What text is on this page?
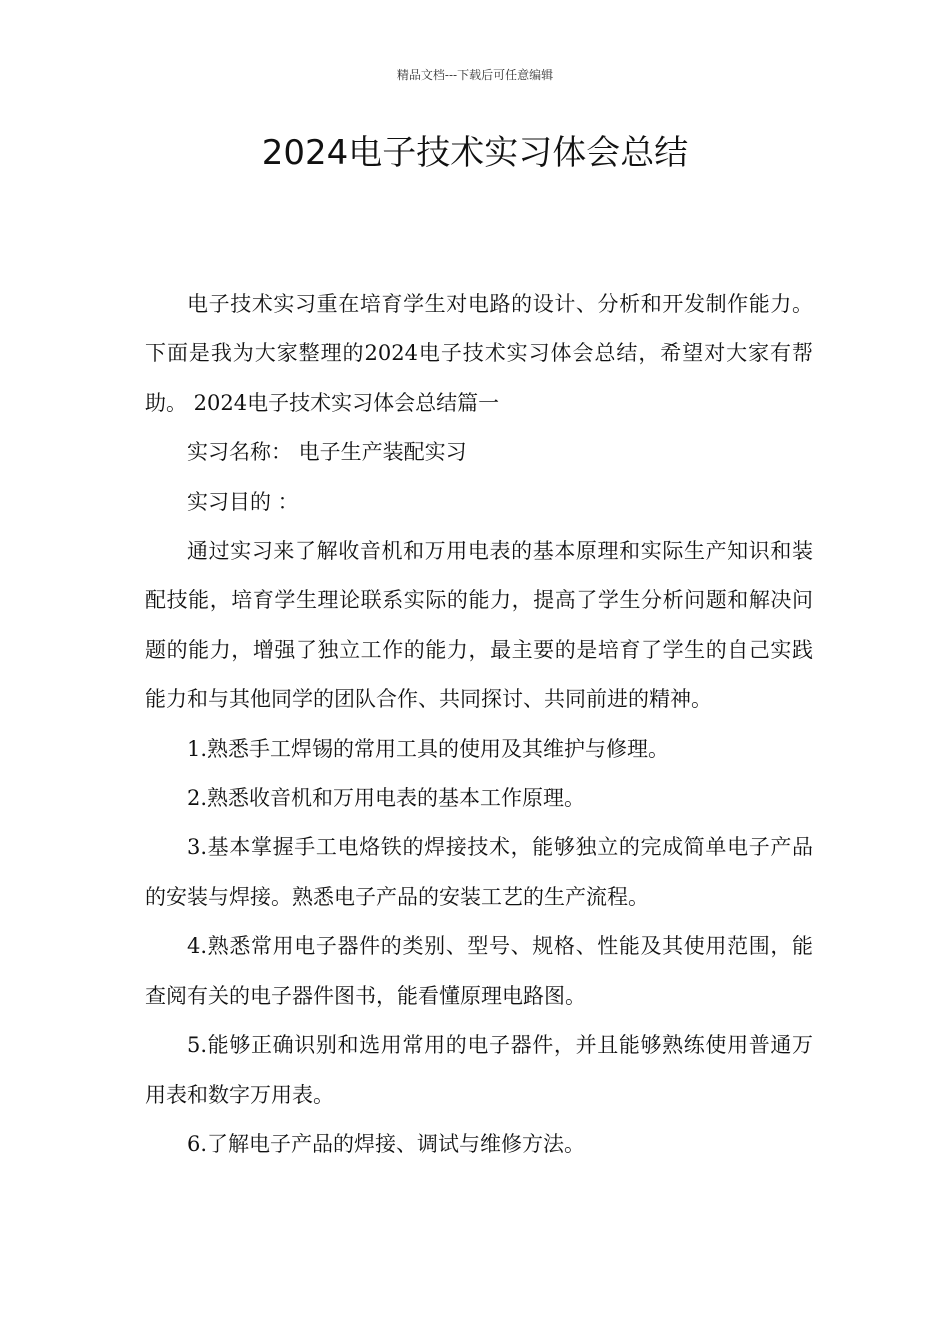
精品文档---下载后可任意编辑
2024电子技术实习体会总结

电子技术实习重在培育学生对电路的设计、分析和开发制作能力。下面是我为大家整理的2024电子技术实习体会总结，希望对大家有帮助。 2024电子技术实习体会总结篇一

实习名称： 电子生产装配实习

实习目的 ：

通过实习来了解收音机和万用电表的基本原理和实际生产知识和装配技能，培育学生理论联系实际的能力，提高了学生分析问题和解决问题的能力，增强了独立工作的能力，最主要的是培育了学生的自己实践能力和与其他同学的团队合作、共同探讨、共同前进的精神。

1.熟悉手工焊锡的常用工具的使用及其维护与修理。

2.熟悉收音机和万用电表的基本工作原理。

3.基本掌握手工电烙铁的焊接技术，能够独立的完成简单电子产品的安装与焊接。熟悉电子产品的安装工艺的生产流程。

4.熟悉常用电子器件的类别、型号、规格、性能及其使用范围，能查阅有关的电子器件图书，能看懂原理电路图。

5.能够正确识别和选用常用的电子器件，并且能够熟练使用普通万用表和数字万用表。

6.了解电子产品的焊接、调试与维修方法。
